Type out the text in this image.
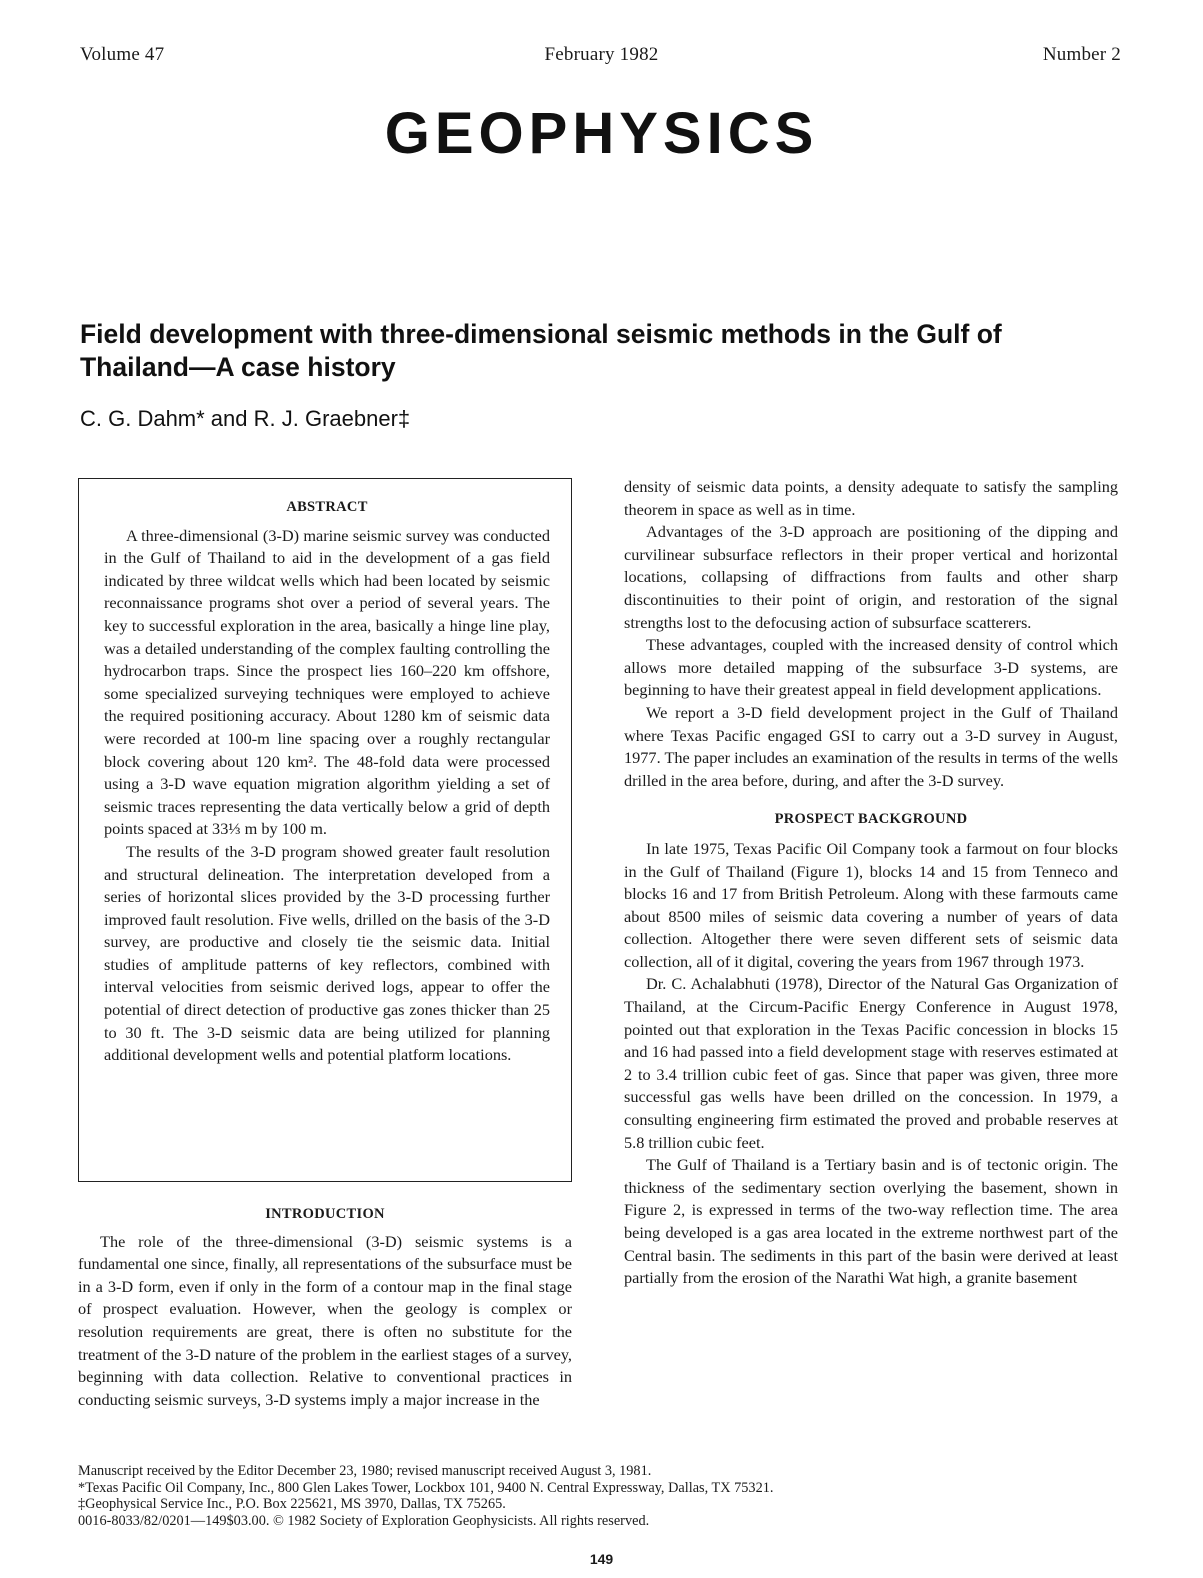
Volume 47	February 1982	Number 2
GEOPHYSICS
Field development with three-dimensional seismic methods in the Gulf of Thailand—A case history
C. G. Dahm* and R. J. Graebner‡
ABSTRACT

A three-dimensional (3-D) marine seismic survey was conducted in the Gulf of Thailand to aid in the development of a gas field indicated by three wildcat wells which had been located by seismic reconnaissance programs shot over a period of several years. The key to successful exploration in the area, basically a hinge line play, was a detailed understanding of the complex faulting controlling the hydrocarbon traps. Since the prospect lies 160–220 km offshore, some specialized surveying techniques were employed to achieve the required positioning accuracy. About 1280 km of seismic data were recorded at 100-m line spacing over a roughly rectangular block covering about 120 km². The 48-fold data were processed using a 3-D wave equation migration algorithm yielding a set of seismic traces representing the data vertically below a grid of depth points spaced at 33⅓ m by 100 m.

The results of the 3-D program showed greater fault resolution and structural delineation. The interpretation developed from a series of horizontal slices provided by the 3-D processing further improved fault resolution. Five wells, drilled on the basis of the 3-D survey, are productive and closely tie the seismic data. Initial studies of amplitude patterns of key reflectors, combined with interval velocities from seismic derived logs, appear to offer the potential of direct detection of productive gas zones thicker than 25 to 30 ft. The 3-D seismic data are being utilized for planning additional development wells and potential platform locations.

INTRODUCTION

The role of the three-dimensional (3-D) seismic systems is a fundamental one since, finally, all representations of the subsurface must be in a 3-D form, even if only in the form of a contour map in the final stage of prospect evaluation. However, when the geology is complex or resolution requirements are great, there is often no substitute for the treatment of the 3-D nature of the problem in the earliest stages of a survey, beginning with data collection. Relative to conventional practices in conducting seismic surveys, 3-D systems imply a major increase in the

density of seismic data points, a density adequate to satisfy the sampling theorem in space as well as in time.

Advantages of the 3-D approach are positioning of the dipping and curvilinear subsurface reflectors in their proper vertical and horizontal locations, collapsing of diffractions from faults and other sharp discontinuities to their point of origin, and restoration of the signal strengths lost to the defocusing action of subsurface scatterers.

These advantages, coupled with the increased density of control which allows more detailed mapping of the subsurface 3-D systems, are beginning to have their greatest appeal in field development applications.

We report a 3-D field development project in the Gulf of Thailand where Texas Pacific engaged GSI to carry out a 3-D survey in August, 1977. The paper includes an examination of the results in terms of the wells drilled in the area before, during, and after the 3-D survey.

PROSPECT BACKGROUND

In late 1975, Texas Pacific Oil Company took a farmout on four blocks in the Gulf of Thailand (Figure 1), blocks 14 and 15 from Tenneco and blocks 16 and 17 from British Petroleum. Along with these farmouts came about 8500 miles of seismic data covering a number of years of data collection. Altogether there were seven different sets of seismic data collection, all of it digital, covering the years from 1967 through 1973.

Dr. C. Achalabhuti (1978), Director of the Natural Gas Organization of Thailand, at the Circum-Pacific Energy Conference in August 1978, pointed out that exploration in the Texas Pacific concession in blocks 15 and 16 had passed into a field development stage with reserves estimated at 2 to 3.4 trillion cubic feet of gas. Since that paper was given, three more successful gas wells have been drilled on the concession. In 1979, a consulting engineering firm estimated the proved and probable reserves at 5.8 trillion cubic feet.

The Gulf of Thailand is a Tertiary basin and is of tectonic origin. The thickness of the sedimentary section overlying the basement, shown in Figure 2, is expressed in terms of the two-way reflection time. The area being developed is a gas area located in the extreme northwest part of the Central basin. The sediments in this part of the basin were derived at least partially from the erosion of the Narathi Wat high, a granite basement

Manuscript received by the Editor December 23, 1980; revised manuscript received August 3, 1981.
*Texas Pacific Oil Company, Inc., 800 Glen Lakes Tower, Lockbox 101, 9400 N. Central Expressway, Dallas, TX 75321.
‡Geophysical Service Inc., P.O. Box 225621, MS 3970, Dallas, TX 75265.
0016-8033/82/0201—149$03.00. © 1982 Society of Exploration Geophysicists. All rights reserved.
149
